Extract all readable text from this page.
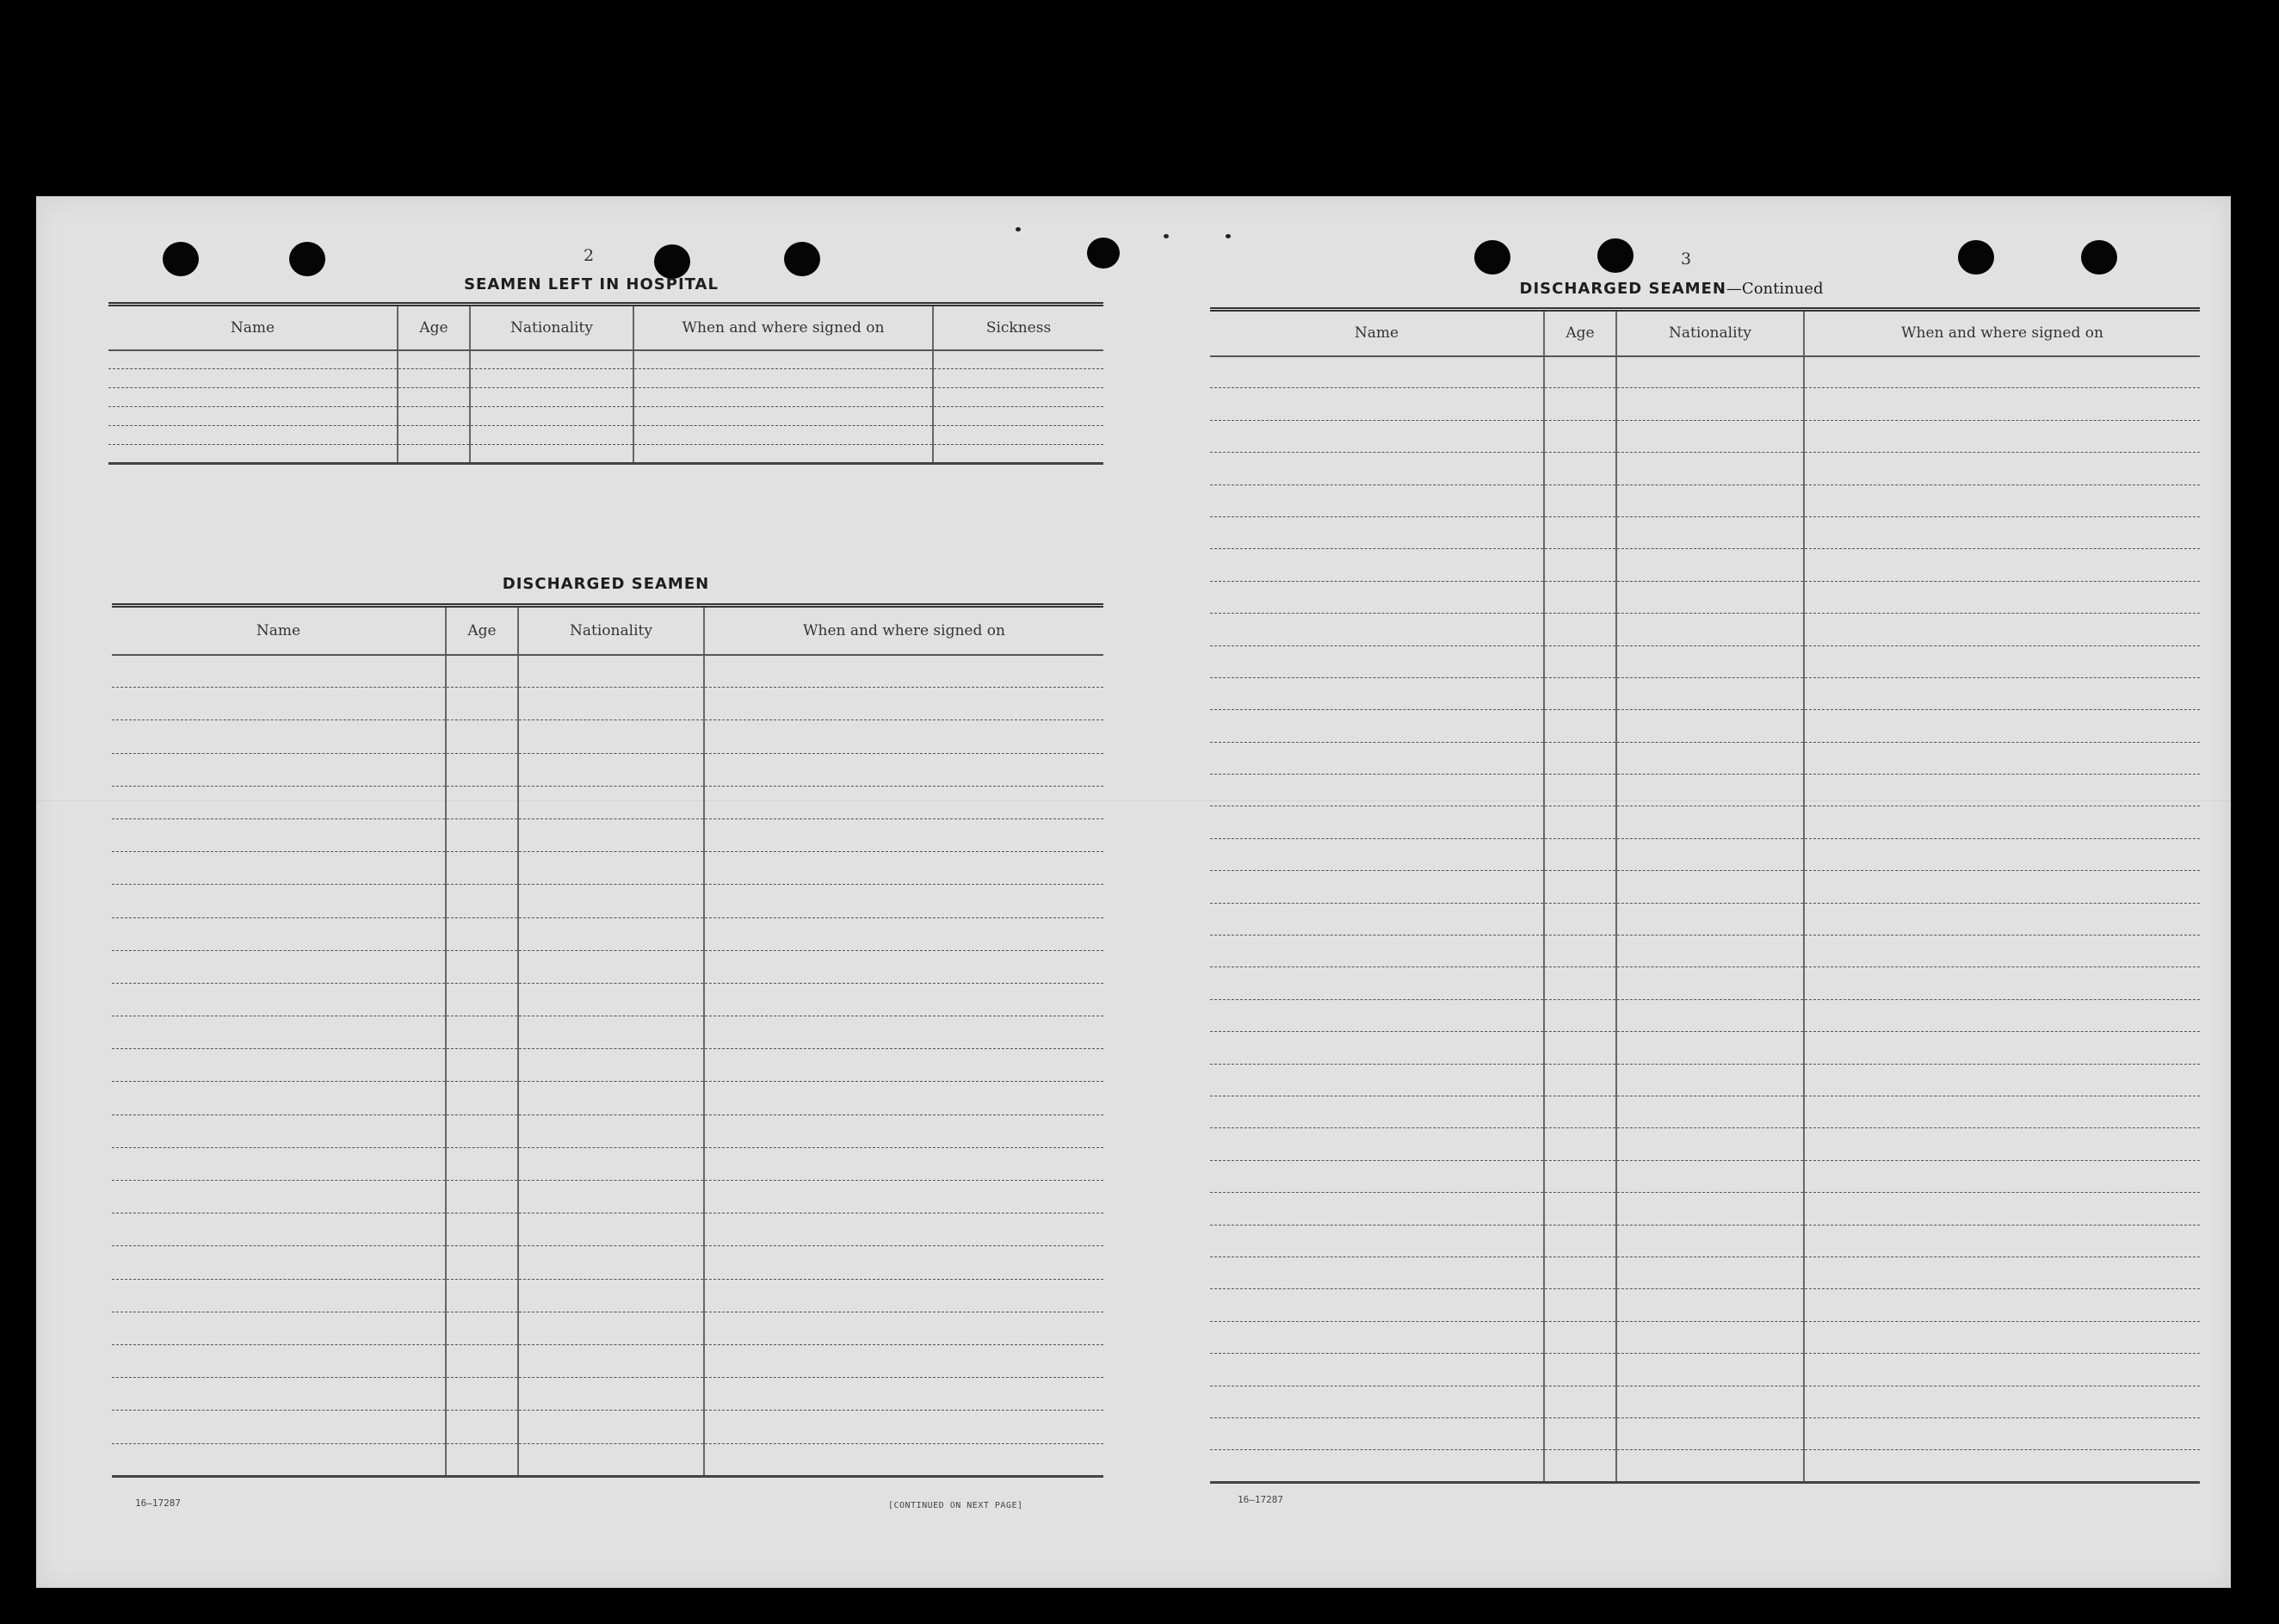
2
SEAMEN LEFT IN HOSPITAL
Name	Age	Nationality	When and where signed on	Sickness

DISCHARGED SEAMEN
Name	Age	Nationality	When and where signed on

16—17287	[CONTINUED ON NEXT PAGE]
3
DISCHARGED SEAMEN—Continued
Name	Age	Nationality	When and where signed on

16—17287
